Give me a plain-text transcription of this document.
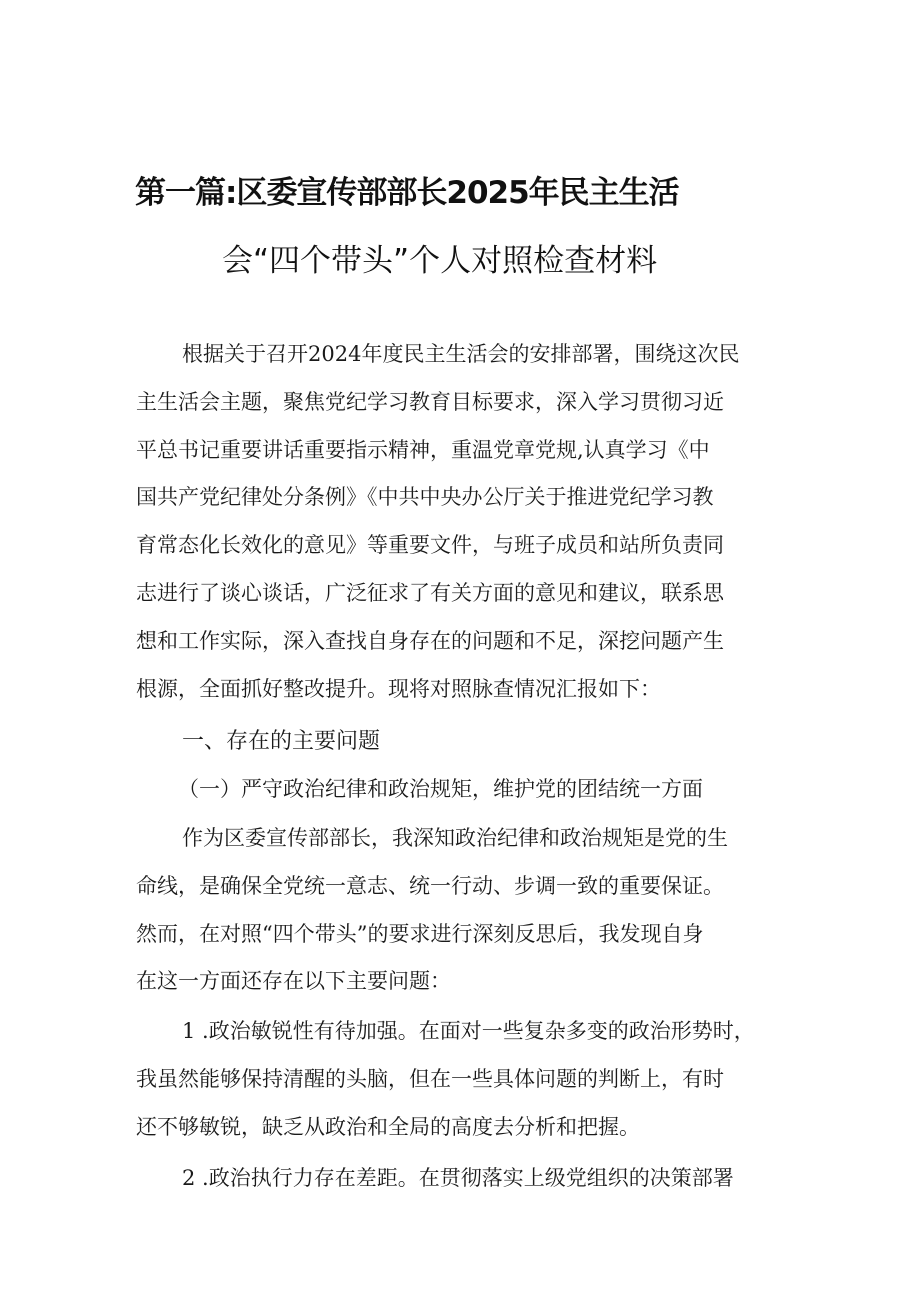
第一篇:区委宣传部部长2025年民主生活
会“四个带头”个人对照检查材料
根据关于召开2024年度民主生活会的安排部署，围绕这次民
主生活会主题，聚焦党纪学习教育目标要求，深入学习贯彻习近
平总书记重要讲话重要指示精神，重温党章党规,认真学习《中
国共产党纪律处分条例》《中共中央办公厅关于推进党纪学习教
育常态化长效化的意见》等重要文件，与班子成员和站所负责同
志进行了谈心谈话，广泛征求了有关方面的意见和建议，联系思
想和工作实际，深入查找自身存在的问题和不足，深挖问题产生
根源，全面抓好整改提升。现将对照脉查情况汇报如下：
一、存在的主要问题
（一）严守政治纪律和政治规矩，维护党的团结统一方面
作为区委宣传部部长，我深知政治纪律和政治规矩是党的生
命线，是确保全党统一意志、统一行动、步调一致的重要保证。
然而，在对照“四个带头”的要求进行深刻反思后，我发现自身
在这一方面还存在以下主要问题：
1 .政治敏锐性有待加强。在面对一些复杂多变的政治形势时，
我虽然能够保持清醒的头脑，但在一些具体问题的判断上，有时
还不够敏锐，缺乏从政治和全局的高度去分析和把握。
2 .政治执行力存在差距。在贯彻落实上级党组织的决策部署
